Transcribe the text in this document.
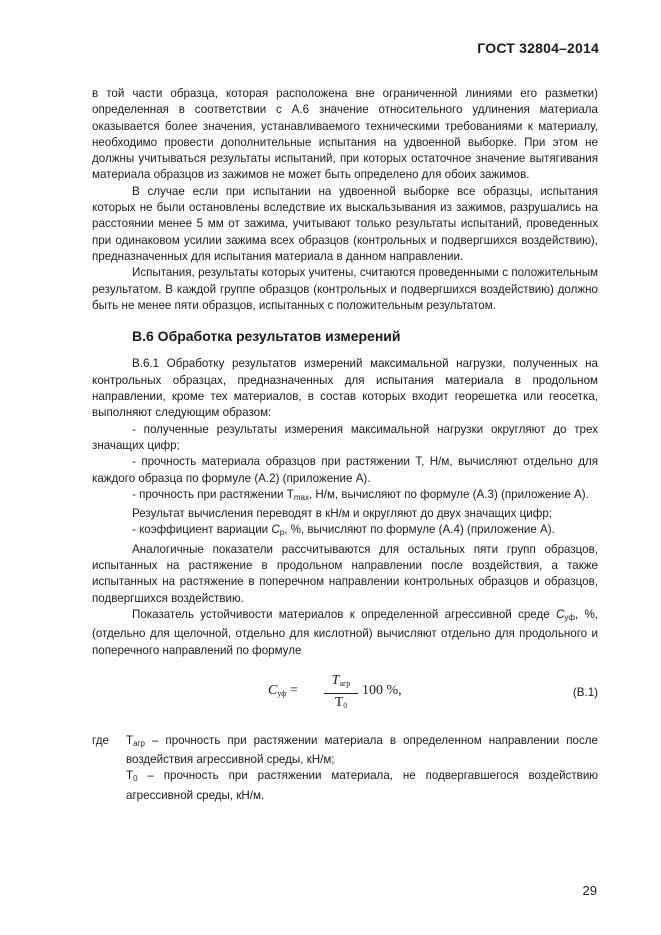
ГОСТ 32804–2014

в той части образца, которая расположена вне ограниченной линиями его разметки) определенная в соответствии с А.6 значение относительного удлинения материала оказывается более значения, устанавливаемого техническими требованиями к материалу, необходимо провести дополнительные испытания на удвоенной выборке. При этом не должны учитываться результаты испытаний, при которых остаточное значение вытягивания материала образцов из зажимов не может быть определено для обоих зажимов.

В случае если при испытании на удвоенной выборке все образцы, испытания которых не были остановлены вследствие их выскальзывания из зажимов, разрушались на расстоянии менее 5 мм от зажима, учитывают только результаты испытаний, проведенных при одинаковом усилии зажима всех образцов (контрольных и подвергшихся воздействию), предназначенных для испытания материала в данном направлении.

Испытания, результаты которых учитены, считаются проведенными с положительным результатом. В каждой группе образцов (контрольных и подвергшихся воздействию) должно быть не менее пяти образцов, испытанных с положительным результатом.

В.6 Обработка результатов измерений

В.6.1 Обработку результатов измерений максимальной нагрузки, полученных на контрольных образцах, предназначенных для испытания материала в продольном направлении, кроме тех материалов, в состав которых входит георешетка или геосетка, выполняют следующим образом:

- полученные результаты измерения максимальной нагрузки округляют до трех значащих цифр;

- прочность материала образцов при растяжении Т, Н/м, вычисляют отдельно для каждого образца по формуле (А.2) (приложение А).

- прочность при растяжении $T_{max}$, Н/м, вычисляют по формуле (А.3) (приложение А).

Результат вычисления переводят в кН/м и округляют до двух значащих цифр;

- коэффициент вариации $C_p$, %, вычисляют по формуле (А.4) (приложение А).

Аналогичные показатели рассчитываются для остальных пяти групп образцов, испытанных на растяжение в продольном направлении после воздействия, а также испытанных на растяжение в поперечном направлении контрольных образцов и образцов, подвергшихся воздействию.

Показатель устойчивости материалов к определенной агрессивной среде $C_{уф}$, %, (отдельно для щелочной, отдельно для кислотной) вычисляют отдельно для продольного и поперечного направлений по формуле

$C_{уф}$ =
$T_{агр}$
$T_0$
100 %,	(В.1)
где $T_{агр}$ – прочность при растяжении материала в определенном направлении после воздействия агрессивной среды, кН/м;

$T_0$ – прочность при растяжении материала, не подвергавшегося воздействию агрессивной среды, кН/м.

29
